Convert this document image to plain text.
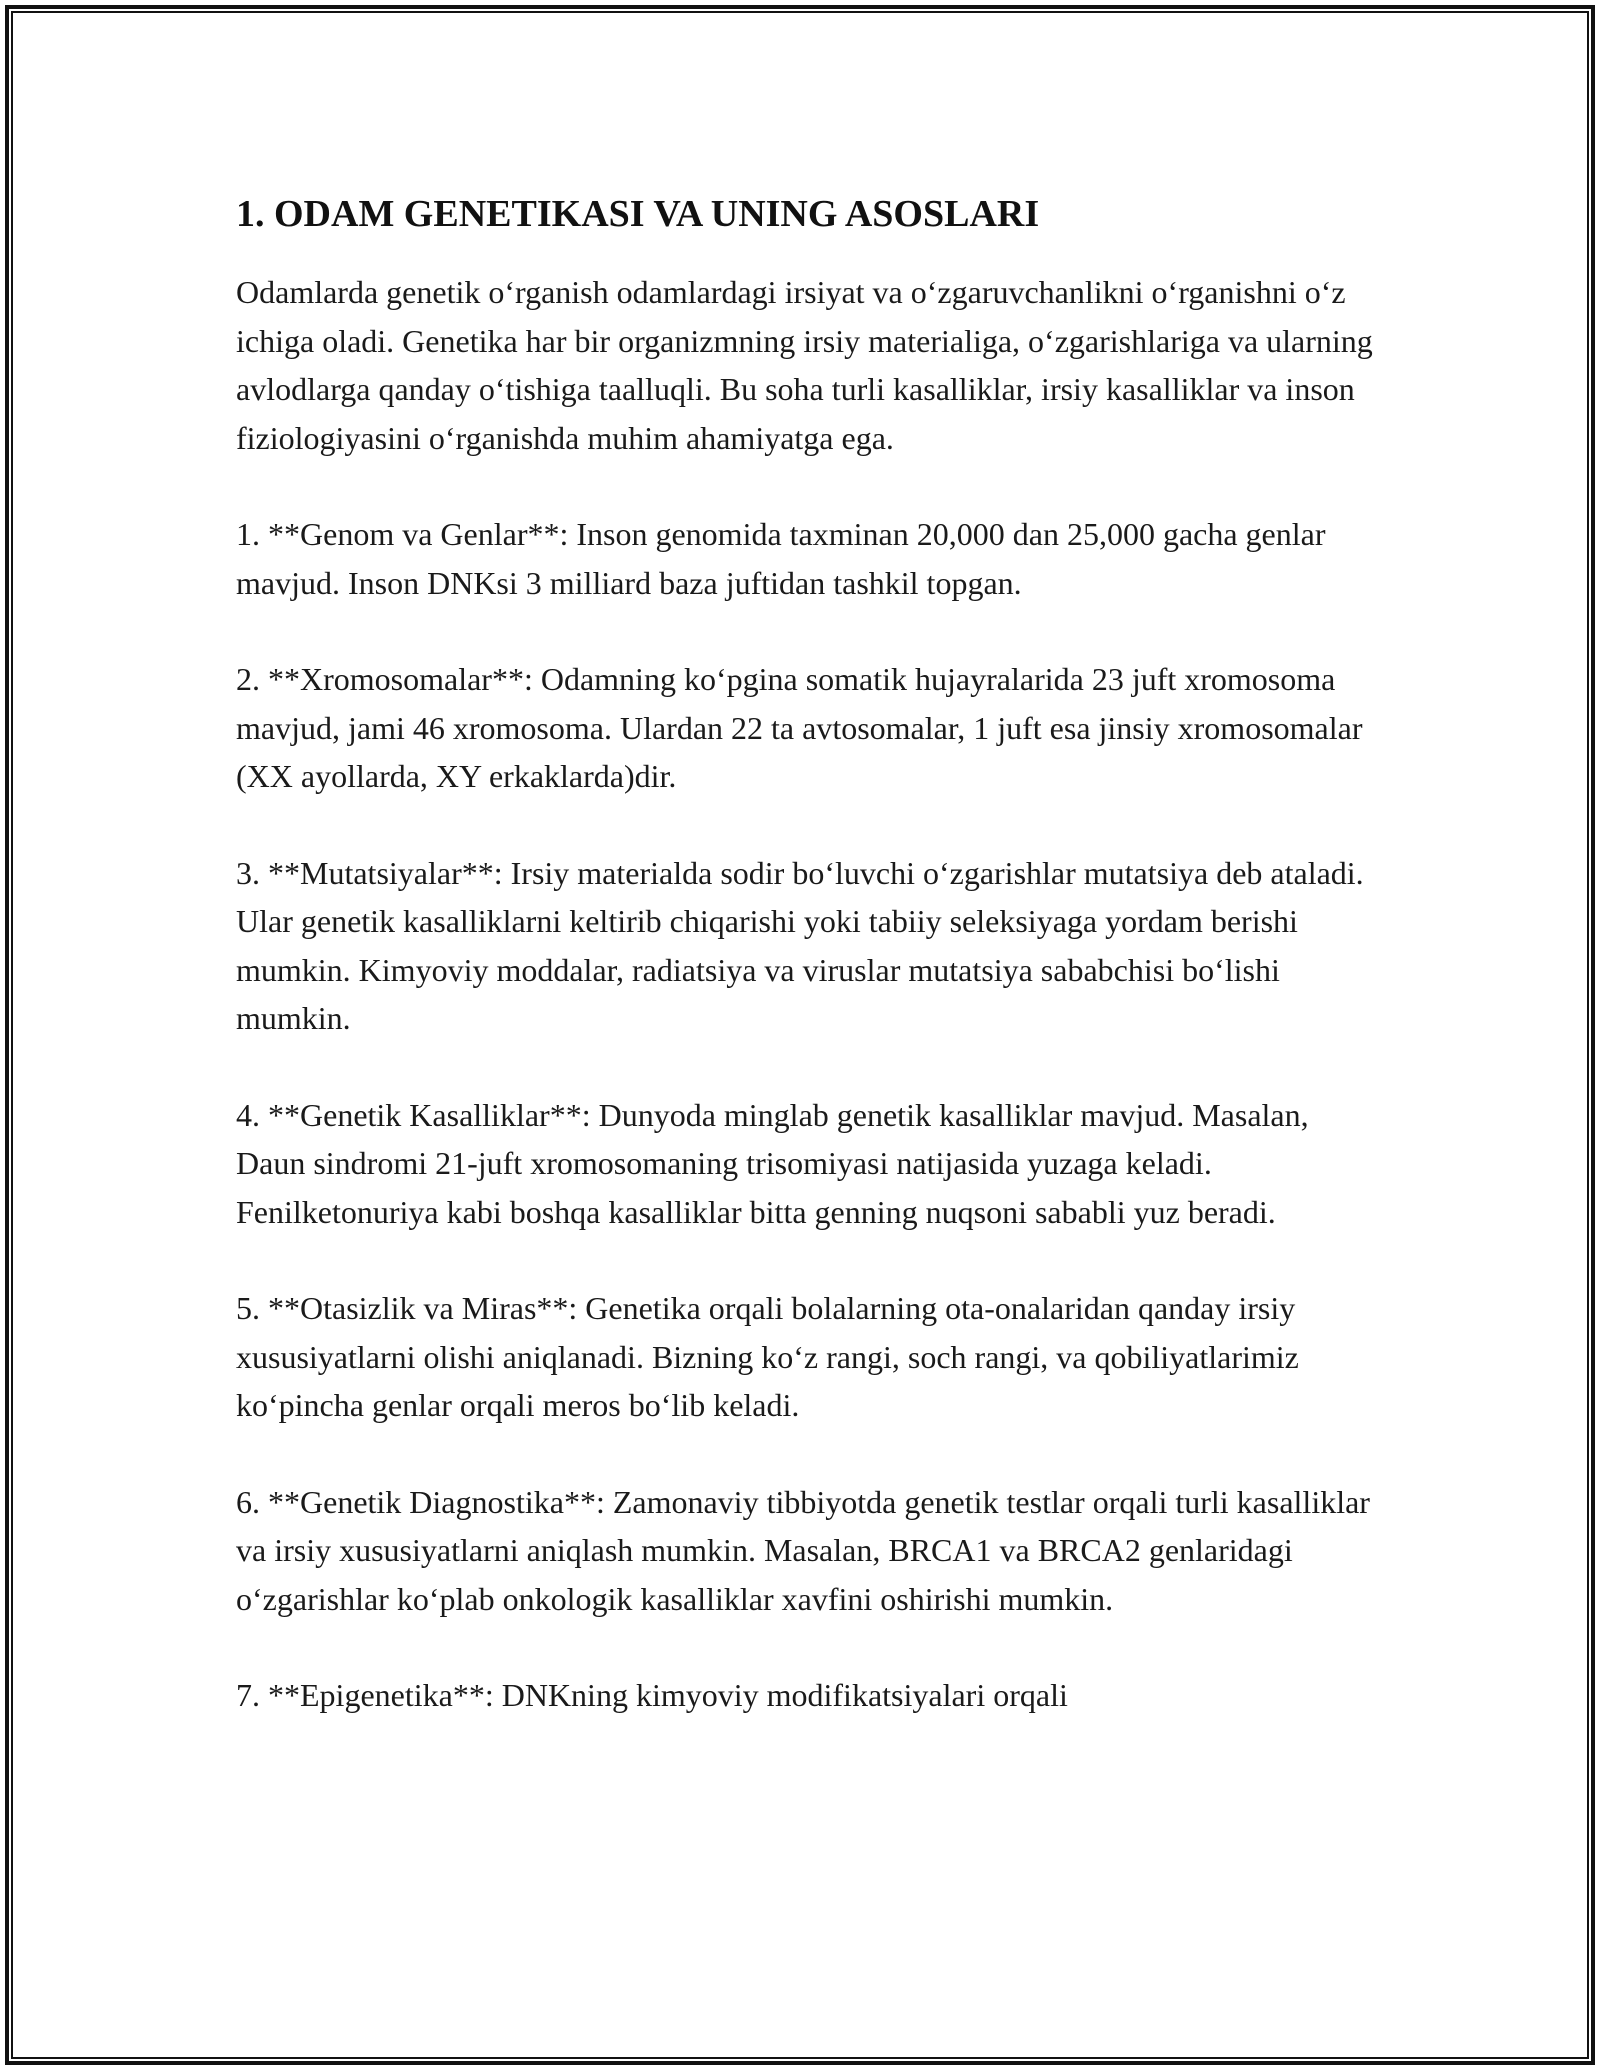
1. ODAM GENETIKASI VA UNING ASOSLARI

Odamlarda genetik o‘rganish odamlardagi irsiyat va o‘zgaruvchanlikni o‘rganishni o‘z ichiga oladi. Genetika har bir organizmning irsiy materialiga, o‘zgarishlariga va ularning avlodlarga qanday o‘tishiga taalluqli. Bu soha turli kasalliklar, irsiy kasalliklar va inson fiziologiyasini o‘rganishda muhim ahamiyatga ega.

1. **Genom va Genlar**: Inson genomida taxminan 20,000 dan 25,000 gacha genlar mavjud. Inson DNKsi 3 milliard baza juftidan tashkil topgan.

2. **Xromosomalar**: Odamning ko‘pgina somatik hujayralarida 23 juft xromosoma mavjud, jami 46 xromosoma. Ulardan 22 ta avtosomalar, 1 juft esa jinsiy xromosomalar (XX ayollarda, XY erkaklarda)dir.

3. **Mutatsiyalar**: Irsiy materialda sodir bo‘luvchi o‘zgarishlar mutatsiya deb ataladi. Ular genetik kasalliklarni keltirib chiqarishi yoki tabiiy seleksiyaga yordam berishi mumkin. Kimyoviy moddalar, radiatsiya va viruslar mutatsiya sababchisi bo‘lishi mumkin.

4. **Genetik Kasalliklar**: Dunyoda minglab genetik kasalliklar mavjud. Masalan, Daun sindromi 21-juft xromosomaning trisomiyasi natijasida yuzaga keladi. Fenilketonuriya kabi boshqa kasalliklar bitta genning nuqsoni sababli yuz beradi.

5. **Otasizlik va Miras**: Genetika orqali bolalarning ota-onalaridan qanday irsiy xususiyatlarni olishi aniqlanadi. Bizning ko‘z rangi, soch rangi, va qobiliyatlarimiz ko‘pincha genlar orqali meros bo‘lib keladi.

6. **Genetik Diagnostika**: Zamonaviy tibbiyotda genetik testlar orqali turli kasalliklar va irsiy xususiyatlarni aniqlash mumkin. Masalan, BRCA1 va BRCA2 genlaridagi o‘zgarishlar ko‘plab onkologik kasalliklar xavfini oshirishi mumkin.

7. **Epigenetika**: DNKning kimyoviy modifikatsiyalari orqali
